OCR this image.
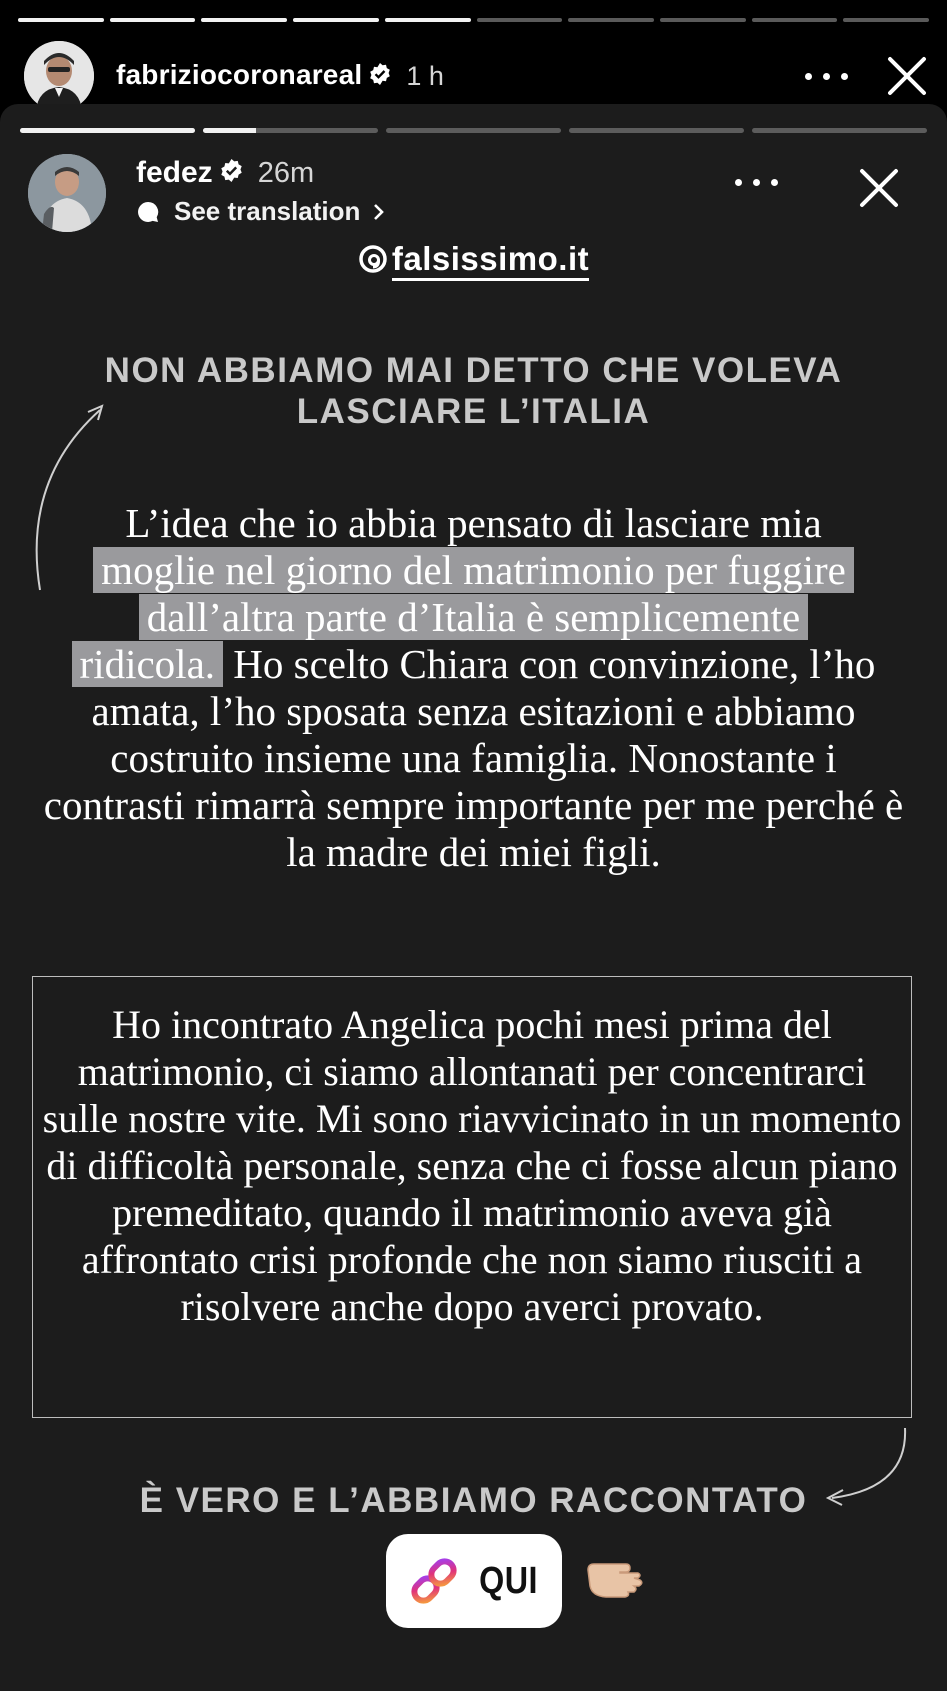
fabriziocoronareal	1 h
fedez 26m
See translation
falsissimo.it
NON ABBIAMO MAI DETTO CHE VOLEVA LASCIARE L’ITALIA
L’idea che io abbia pensato di lasciare mia
moglie nel giorno del matrimonio per fuggire
dall’altra parte d’Italia è semplicemente
ridicola. Ho scelto Chiara con convinzione, l’ho amata, l’ho sposata senza esitazioni e abbiamo costruito insieme una famiglia. Nonostante i contrasti rimarrà sempre importante per me perché è la madre dei miei figli.
Ho incontrato Angelica pochi mesi prima del matrimonio, ci siamo allontanati per concentrarci sulle nostre vite. Mi sono riavvicinato in un momento di difficoltà personale, senza che ci fosse alcun piano premeditato, quando il matrimonio aveva già affrontato crisi profonde che non siamo riusciti a risolvere anche dopo averci provato.
È VERO E L’ABBIAMO RACCONTATO
QUI
